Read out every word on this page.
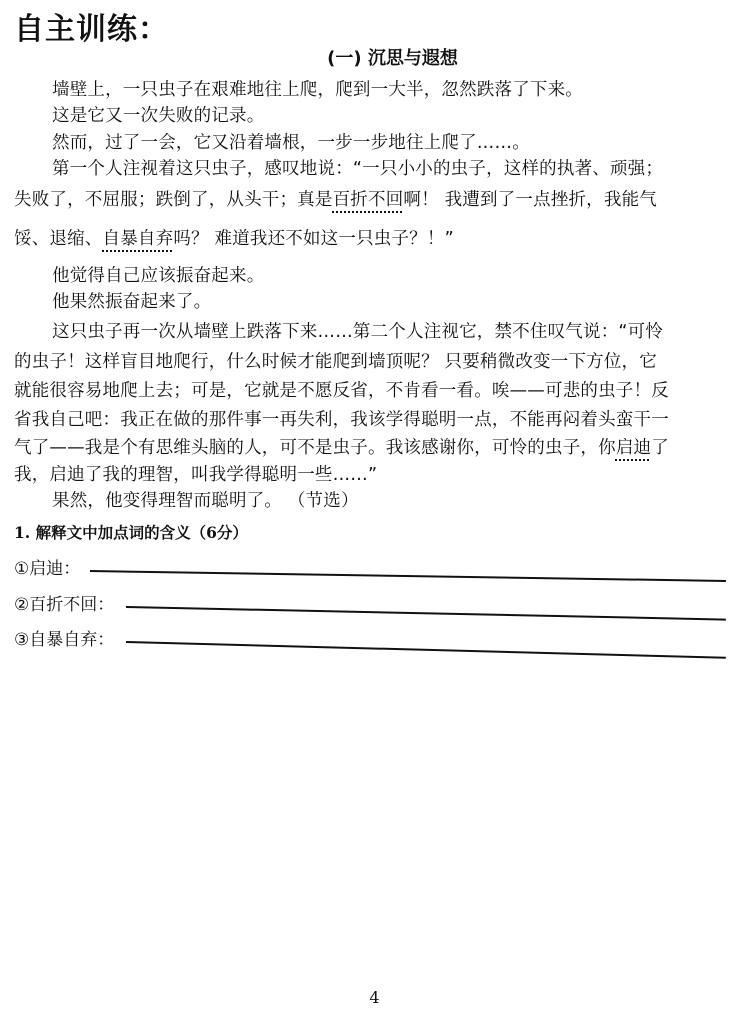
自主训练：
(一) 沉思与遐想
墙壁上，一只虫子在艰难地往上爬，爬到一大半，忽然跌落了下来。
这是它又一次失败的记录。
然而，过了一会，它又沿着墙根，一步一步地往上爬了……。
第一个人注视着这只虫子，感叹地说：“一只小小的虫子，这样的执著、顽强；
失败了，不屈服；跌倒了，从头干；真是百折不回啊！ 我遭到了一点挫折，我能气
馁、退缩、自暴自弃吗？ 难道我还不如这一只虫子？！”
他觉得自己应该振奋起来。
他果然振奋起来了。
这只虫子再一次从墙壁上跌落下来……第二个人注视它，禁不住叹气说：“可怜
的虫子！这样盲目地爬行，什么时候才能爬到墙顶呢？ 只要稍微改变一下方位，它
就能很容易地爬上去；可是，它就是不愿反省，不肯看一看。唉——可悲的虫子！反
省我自己吧：我正在做的那件事一再失利，我该学得聪明一点，不能再闷着头蛮干一
气了——我是个有思维头脑的人，可不是虫子。我该感谢你，可怜的虫子，你启迪了
我，启迪了我的理智，叫我学得聪明一些……”
果然，他变得理智而聪明了。 （节选）
1. 解释文中加点词的含义（6分）
①启迪：
②百折不回：
③自暴自弃：
4
